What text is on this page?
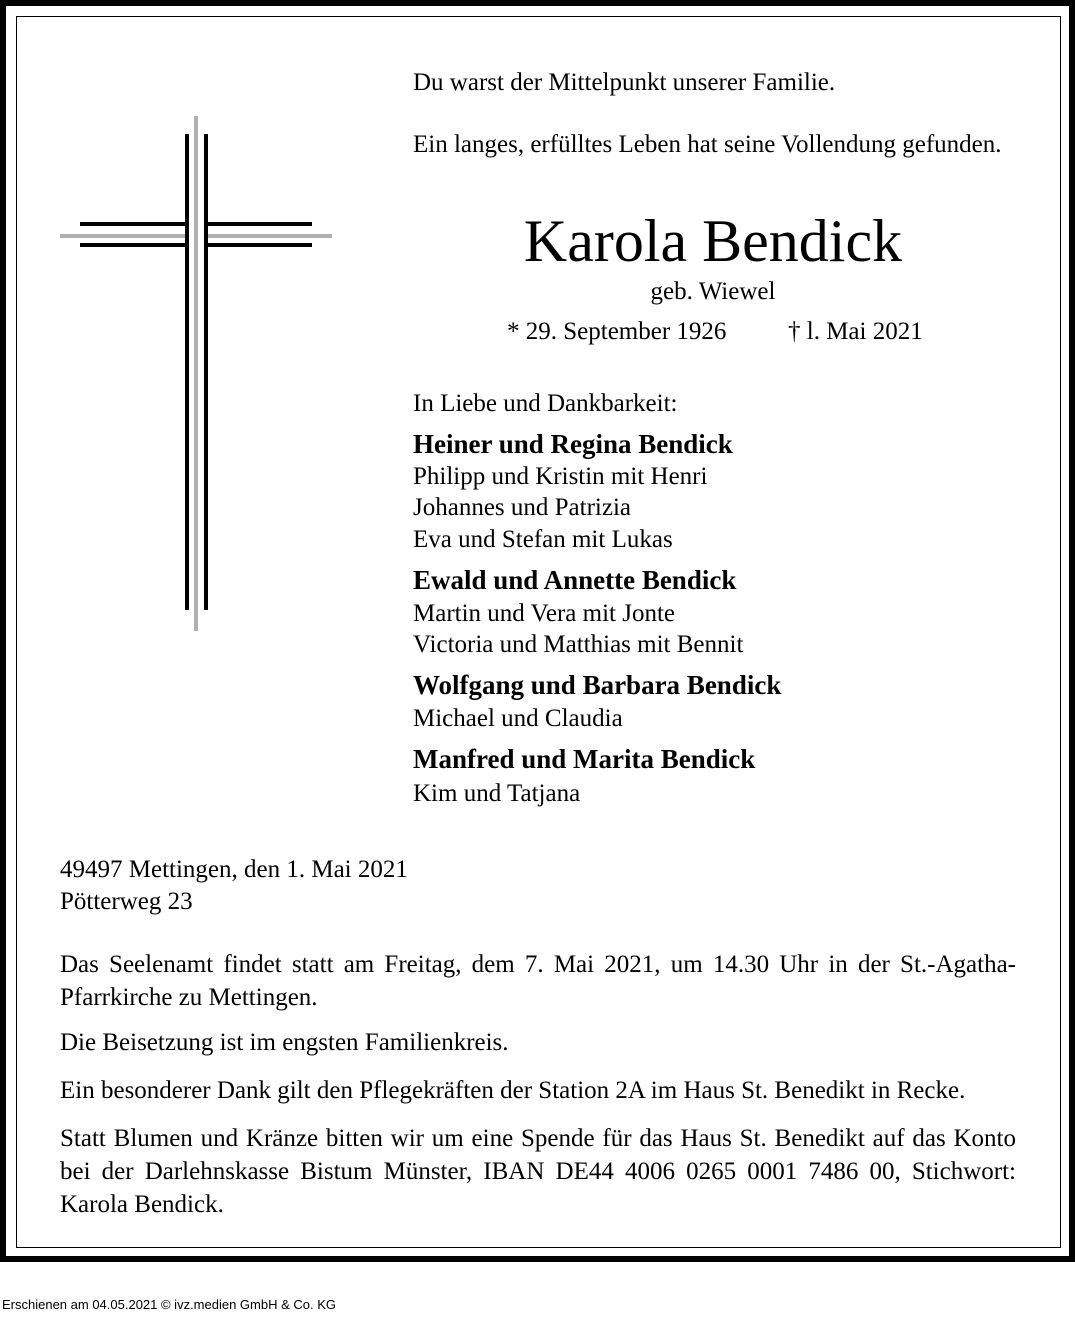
Du warst der Mittelpunkt unserer Familie.
Ein langes, erfülltes Leben hat seine Vollendung gefunden.
Karola Bendick
geb. Wiewel
* 29. September 1926 † l. Mai 2021
In Liebe und Dankbarkeit:
Heiner und Regina Bendick
Philipp und Kristin mit Henri
Johannes und Patrizia
Eva und Stefan mit Lukas
Ewald und Annette Bendick
Martin und Vera mit Jonte
Victoria und Matthias mit Bennit
Wolfgang und Barbara Bendick
Michael und Claudia
Manfred und Marita Bendick
Kim und Tatjana
49497 Mettingen, den 1. Mai 2021
Pötterweg 23
Das Seelenamt findet statt am Freitag, dem 7. Mai 2021, um 14.30 Uhr in der St.-Agatha-Pfarrkirche zu Mettingen.
Die Beisetzung ist im engsten Familienkreis.
Ein besonderer Dank gilt den Pflegekräften der Station 2A im Haus St. Benedikt in Recke.
Statt Blumen und Kränze bitten wir um eine Spende für das Haus St. Benedikt auf das Konto bei der Darlehnskasse Bistum Münster, IBAN DE44 4006 0265 0001 7486 00, Stichwort: Karola Bendick.
Erschienen am 04.05.2021 © ivz.medien GmbH & Co. KG
